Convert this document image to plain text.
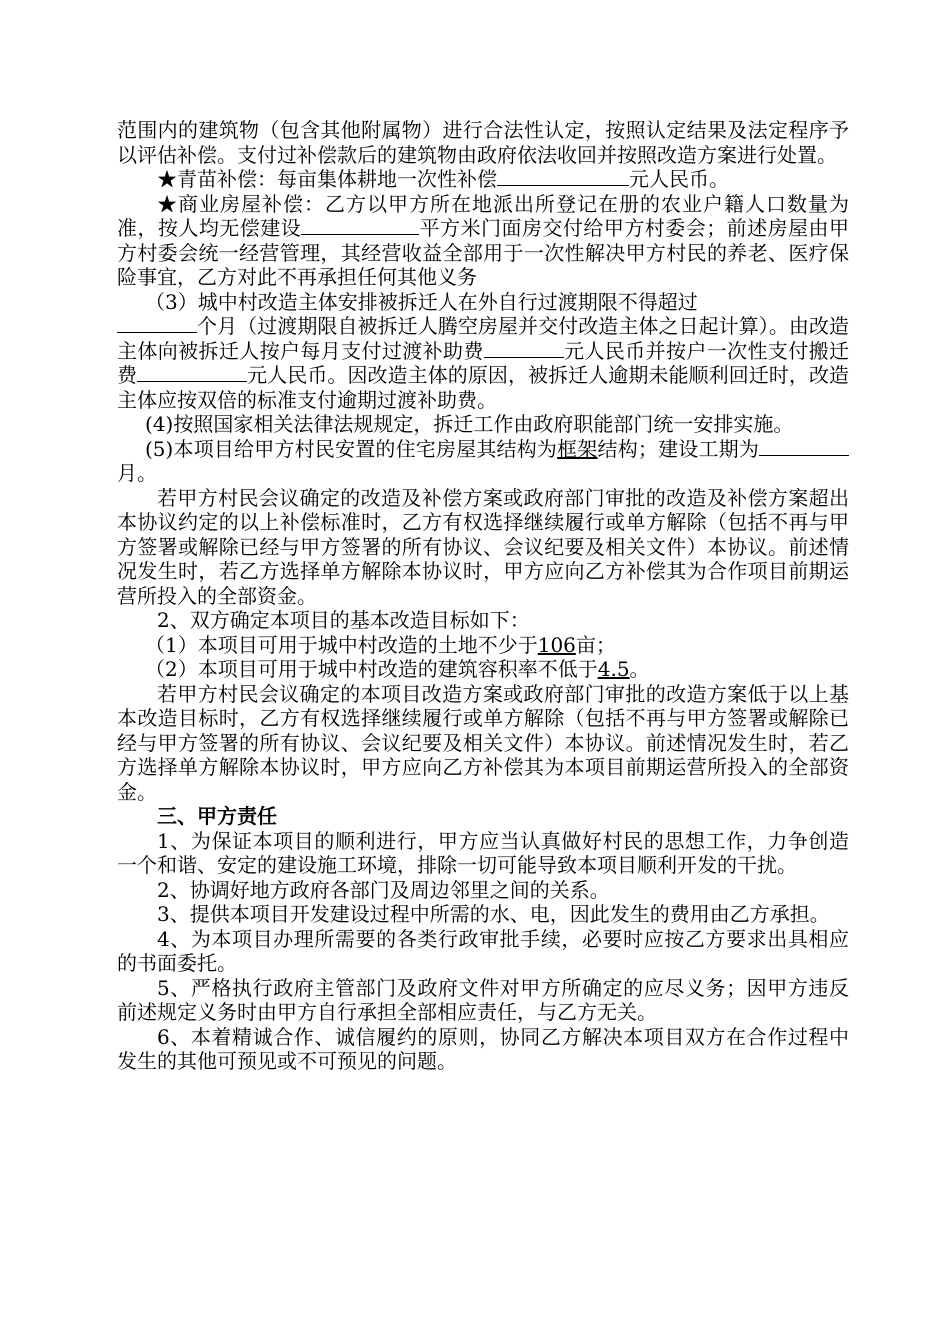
范围内的建筑物（包含其他附属物）进行合法性认定，按照认定结果及法定程序予以评估补偿。支付过补偿款后的建筑物由政府依法收回并按照改造方案进行处置。

★青苗补偿：每亩集体耕地一次性补偿	元人民币。

★商业房屋补偿：乙方以甲方所在地派出所登记在册的农业户籍人口数量为准，按人均无偿建设	平方米门面房交付给甲方村委会；前述房屋由甲方村委会统一经营管理，其经营收益全部用于一次性解决甲方村民的养老、医疗保险事宜，乙方对此不再承担任何其他义务

（3）城中村改造主体安排被拆迁人在外自行过渡期限不得超过
个月（过渡期限自被拆迁人腾空房屋并交付改造主体之日起计算）。由改造主体向被拆迁人按户每月支付过渡补助费	元人民币并按户一次性支付搬迁费	元人民币。因改造主体的原因，被拆迁人逾期未能顺利回迁时，改造主体应按双倍的标准支付逾期过渡补助费。

(4)按照国家相关法律法规规定，拆迁工作由政府职能部门统一安排实施。

(5)本项目给甲方村民安置的住宅房屋其结构为框架结构；建设工期为月。

若甲方村民会议确定的改造及补偿方案或政府部门审批的改造及补偿方案超出本协议约定的以上补偿标准时，乙方有权选择继续履行或单方解除（包括不再与甲方签署或解除已经与甲方签署的所有协议、会议纪要及相关文件）本协议。前述情况发生时，若乙方选择单方解除本协议时，甲方应向乙方补偿其为合作项目前期运营所投入的全部资金。

2、双方确定本项目的基本改造目标如下：

（1）本项目可用于城中村改造的土地不少于106亩；

（2）本项目可用于城中村改造的建筑容积率不低于4.5。

若甲方村民会议确定的本项目改造方案或政府部门审批的改造方案低于以上基本改造目标时，乙方有权选择继续履行或单方解除（包括不再与甲方签署或解除已经与甲方签署的所有协议、会议纪要及相关文件）本协议。前述情况发生时，若乙方选择单方解除本协议时，甲方应向乙方补偿其为本项目前期运营所投入的全部资金。

三、甲方责任

1、为保证本项目的顺利进行，甲方应当认真做好村民的思想工作，力争创造一个和谐、安定的建设施工环境，排除一切可能导致本项目顺利开发的干扰。

2、协调好地方政府各部门及周边邻里之间的关系。

3、提供本项目开发建设过程中所需的水、电，因此发生的费用由乙方承担。

4、为本项目办理所需要的各类行政审批手续，必要时应按乙方要求出具相应的书面委托。

5、严格执行政府主管部门及政府文件对甲方所确定的应尽义务；因甲方违反前述规定义务时由甲方自行承担全部相应责任，与乙方无关。

6、本着精诚合作、诚信履约的原则，协同乙方解决本项目双方在合作过程中发生的其他可预见或不可预见的问题。
